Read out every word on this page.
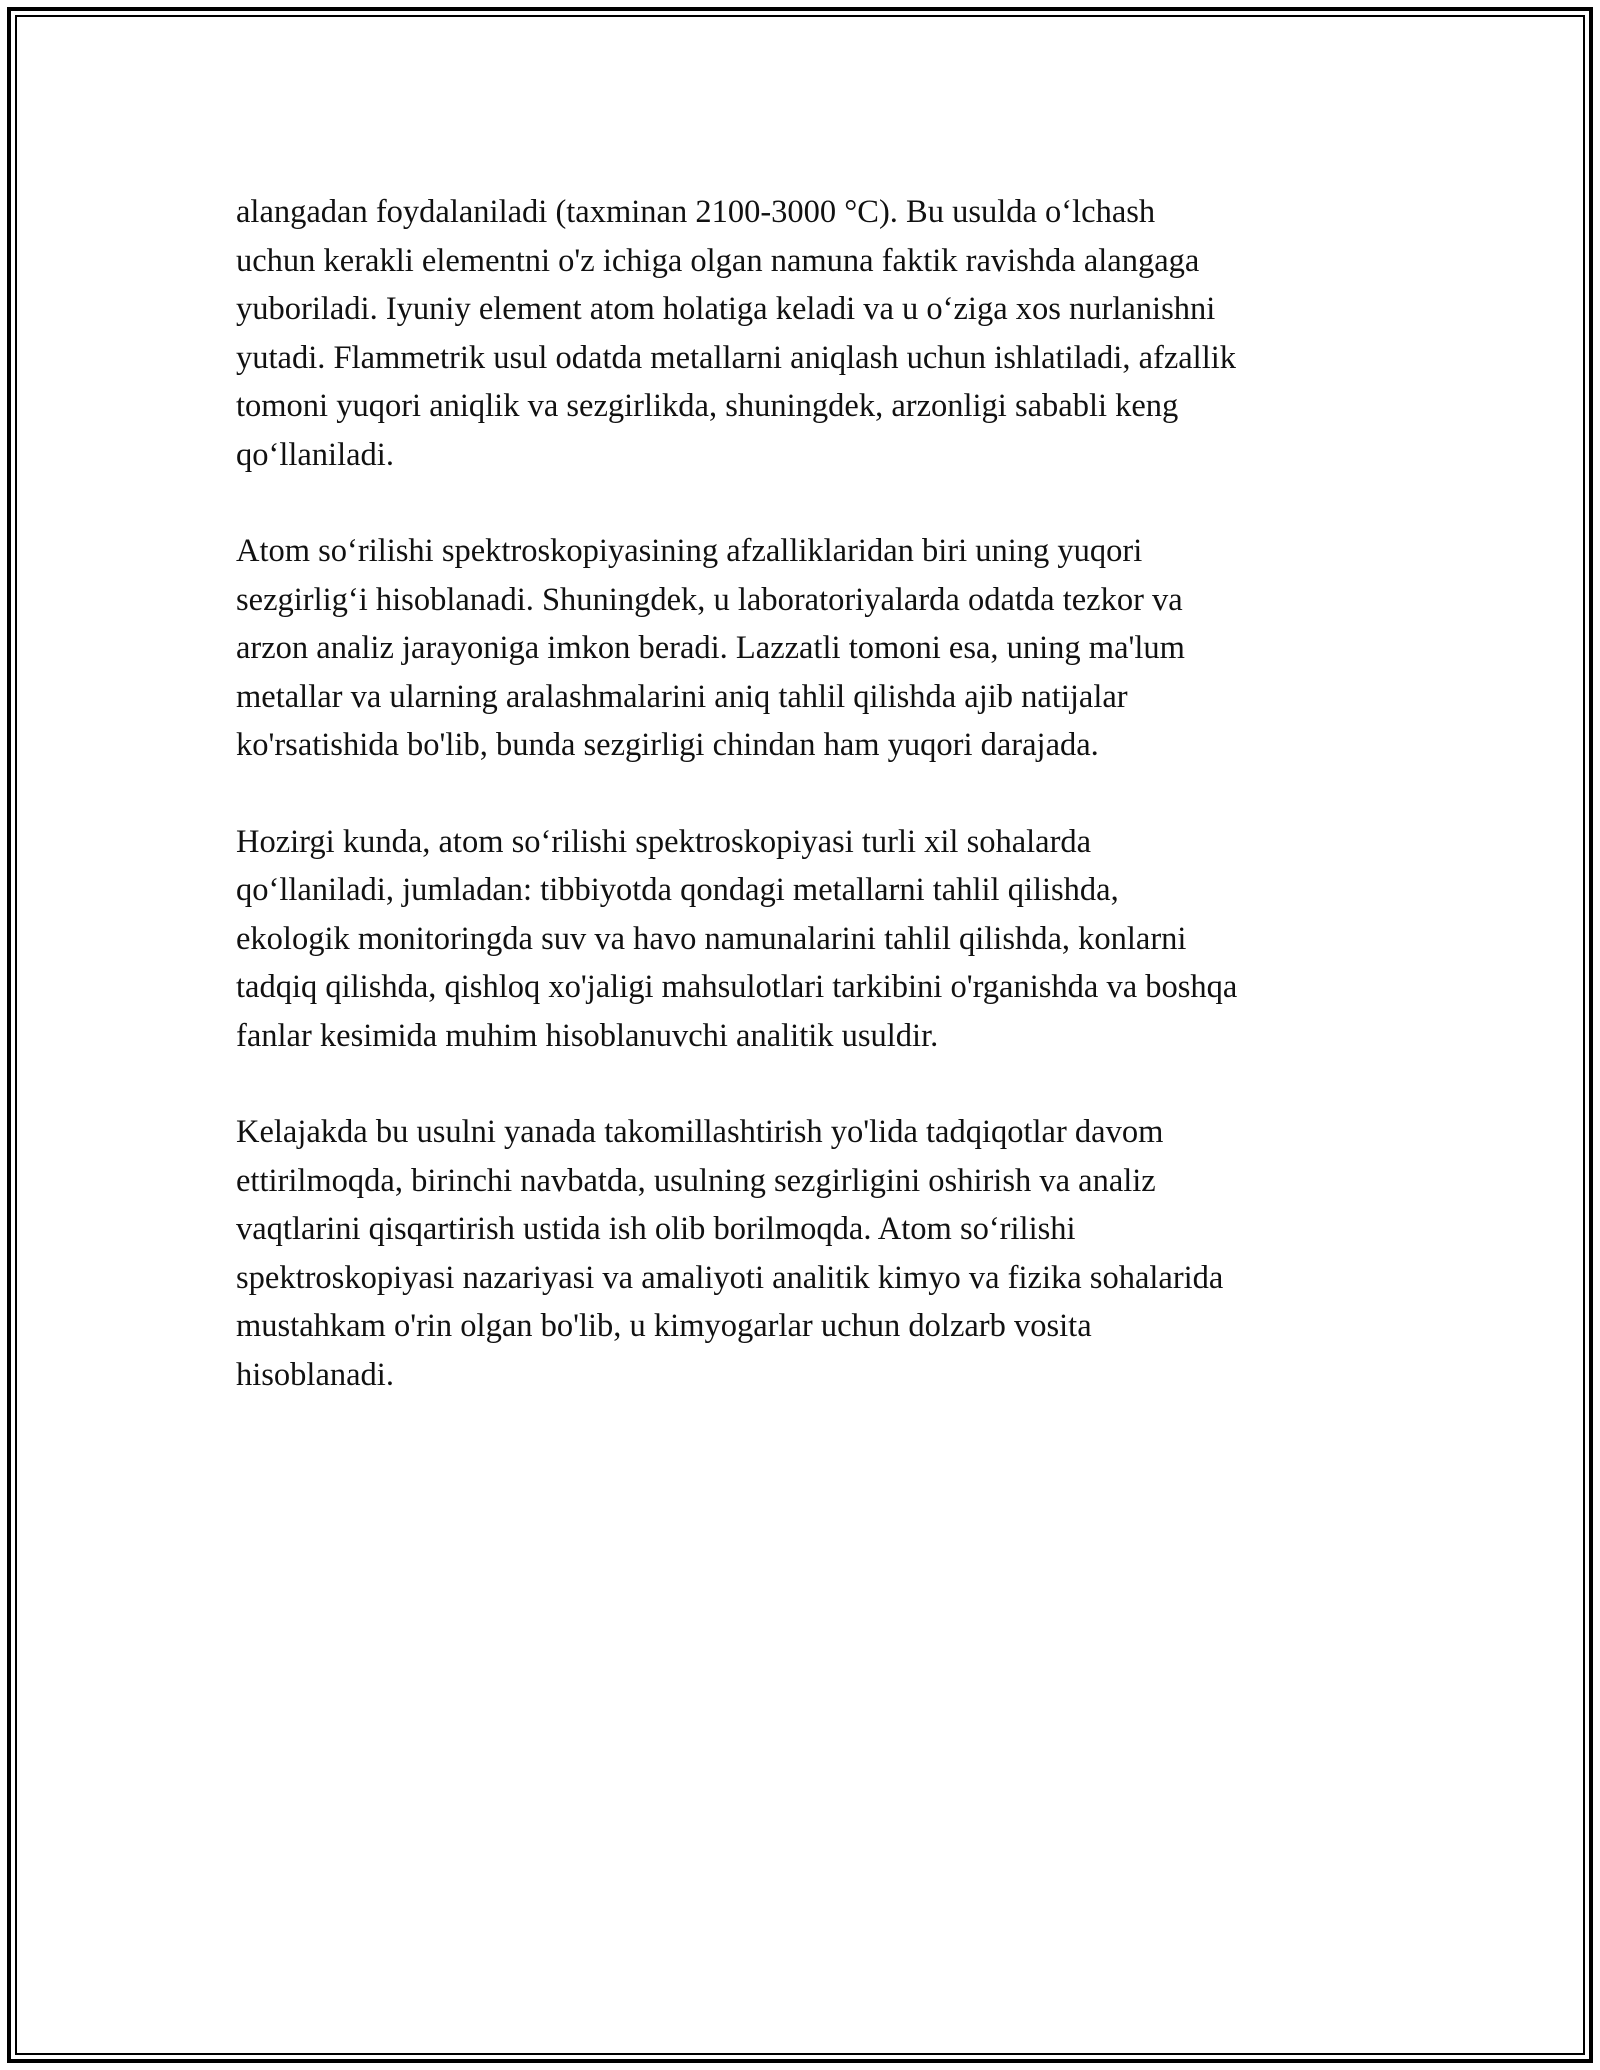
alangadan foydalaniladi (taxminan 2100-3000 °C). Bu usulda o‘lchash
uchun kerakli elementni o'z ichiga olgan namuna faktik ravishda alangaga
yuboriladi. Iyuniy element atom holatiga keladi va u o‘ziga xos nurlanishni
yutadi. Flammetrik usul odatda metallarni aniqlash uchun ishlatiladi, afzallik
tomoni yuqori aniqlik va sezgirlikda, shuningdek, arzonligi sababli keng
qo‘llaniladi.

Atom so‘rilishi spektroskopiyasining afzalliklaridan biri uning yuqori
sezgirlig‘i hisoblanadi. Shuningdek, u laboratoriyalarda odatda tezkor va
arzon analiz jarayoniga imkon beradi. Lazzatli tomoni esa, uning ma'lum
metallar va ularning aralashmalarini aniq tahlil qilishda ajib natijalar
ko'rsatishida bo'lib, bunda sezgirligi chindan ham yuqori darajada.

Hozirgi kunda, atom so‘rilishi spektroskopiyasi turli xil sohalarda
qo‘llaniladi, jumladan: tibbiyotda qondagi metallarni tahlil qilishda,
ekologik monitoringda suv va havo namunalarini tahlil qilishda, konlarni
tadqiq qilishda, qishloq xo'jaligi mahsulotlari tarkibini o'rganishda va boshqa
fanlar kesimida muhim hisoblanuvchi analitik usuldir.

Kelajakda bu usulni yanada takomillashtirish yo'lida tadqiqotlar davom
ettirilmoqda, birinchi navbatda, usulning sezgirligini oshirish va analiz
vaqtlarini qisqartirish ustida ish olib borilmoqda. Atom so‘rilishi
spektroskopiyasi nazariyasi va amaliyoti analitik kimyo va fizika sohalarida
mustahkam o'rin olgan bo'lib, u kimyogarlar uchun dolzarb vosita
hisoblanadi.
